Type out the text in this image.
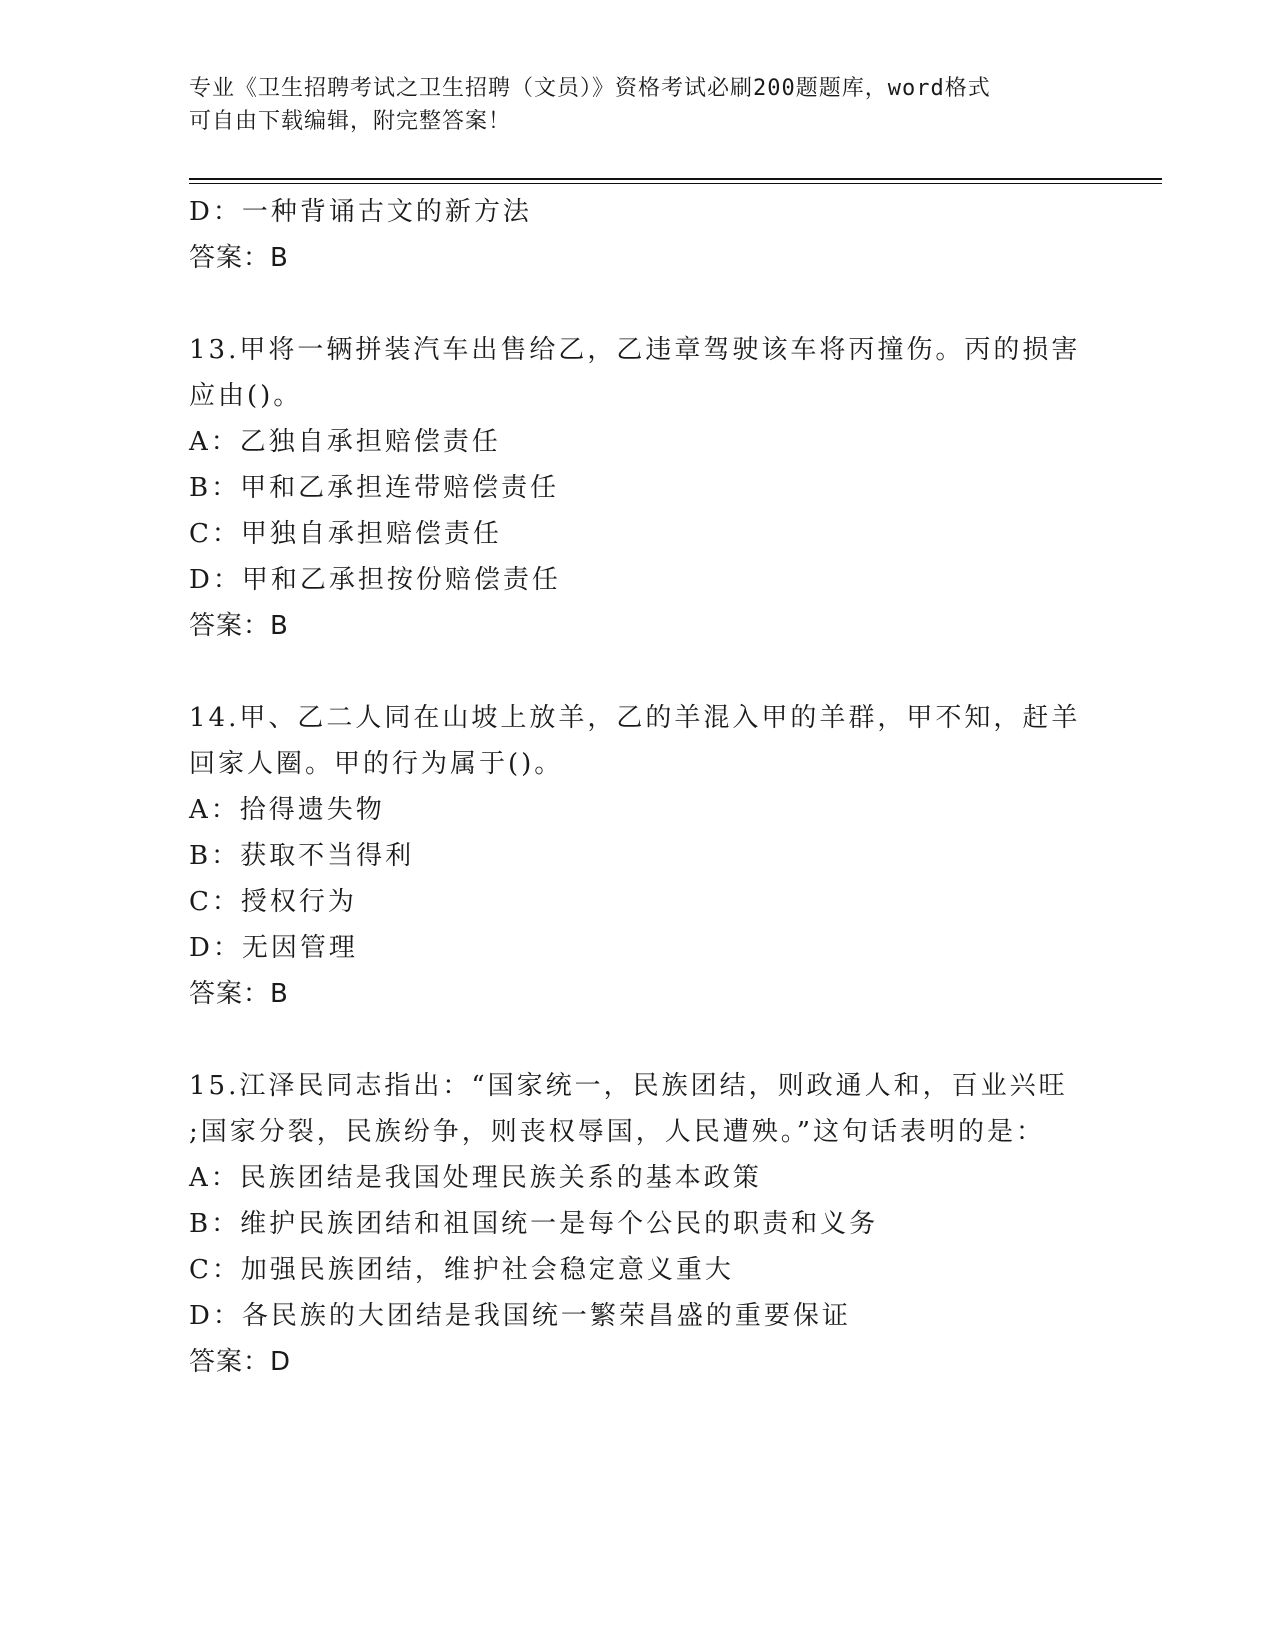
专业《卫生招聘考试之卫生招聘（文员）》资格考试必刷200题题库，word格式
可自由下载编辑，附完整答案！
D：一种背诵古文的新方法
答案：B
13.甲将一辆拼装汽车出售给乙，乙违章驾驶该车将丙撞伤。丙的损害
应由()。
A：乙独自承担赔偿责任
B：甲和乙承担连带赔偿责任
C：甲独自承担赔偿责任
D：甲和乙承担按份赔偿责任
答案：B
14.甲、乙二人同在山坡上放羊，乙的羊混入甲的羊群，甲不知，赶羊
回家人圈。甲的行为属于()。
A：拾得遗失物
B：获取不当得利
C：授权行为
D：无因管理
答案：B
15.江泽民同志指出：“国家统一，民族团结，则政通人和，百业兴旺
;国家分裂，民族纷争，则丧权辱国，人民遭殃。”这句话表明的是：
A：民族团结是我国处理民族关系的基本政策
B：维护民族团结和祖国统一是每个公民的职责和义务
C：加强民族团结，维护社会稳定意义重大
D：各民族的大团结是我国统一繁荣昌盛的重要保证
答案：D
